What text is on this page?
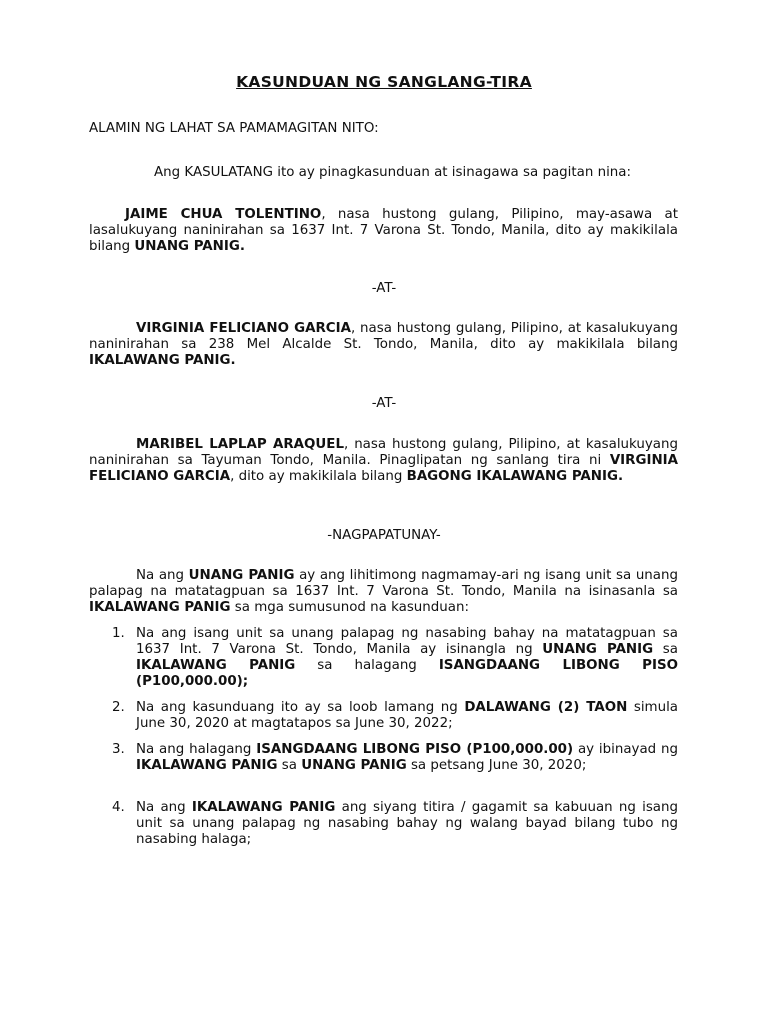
KASUNDUAN NG SANGLANG-TIRA
ALAMIN NG LAHAT SA PAMAMAGITAN NITO:
Ang KASULATANG ito ay pinagkasunduan at isinagawa sa pagitan nina:
JAIME CHUA TOLENTINO, nasa hustong gulang, Pilipino, may-asawa at lasalukuyang naninirahan sa 1637 Int. 7 Varona St. Tondo, Manila, dito ay makikilala bilang UNANG PANIG.
-AT-
VIRGINIA FELICIANO GARCIA, nasa hustong gulang, Pilipino, at kasalukuyang naninirahan sa 238 Mel Alcalde St. Tondo, Manila, dito ay makikilala bilang IKALAWANG PANIG.
-AT-
MARIBEL LAPLAP ARAQUEL, nasa hustong gulang, Pilipino, at kasalukuyang naninirahan sa Tayuman Tondo, Manila. Pinaglipatan ng sanlang tira ni VIRGINIA FELICIANO GARCIA, dito ay makikilala bilang BAGONG IKALAWANG PANIG.
-NAGPAPATUNAY-
Na ang UNANG PANIG ay ang lihitimong nagmamay-ari ng isang unit sa unang palapag na matatagpuan sa 1637 Int. 7 Varona St. Tondo, Manila na isinasanla sa IKALAWANG PANIG sa mga sumusunod na kasunduan:
1. Na ang isang unit sa unang palapag ng nasabing bahay na matatagpuan sa 1637 Int. 7 Varona St. Tondo, Manila ay isinangla ng UNANG PANIG sa IKALAWANG PANIG sa halagang ISANGDAANG LIBONG PISO (P100,000.00);
2. Na ang kasunduang ito ay sa loob lamang ng DALAWANG (2) TAON simula June 30, 2020 at magtatapos sa June 30, 2022;
3. Na ang halagang ISANGDAANG LIBONG PISO (P100,000.00) ay ibinayad ng IKALAWANG PANIG sa UNANG PANIG sa petsang June 30, 2020;
4. Na ang IKALAWANG PANIG ang siyang titira / gagamit sa kabuuan ng isang unit sa unang palapag ng nasabing bahay ng walang bayad bilang tubo ng nasabing halaga;
